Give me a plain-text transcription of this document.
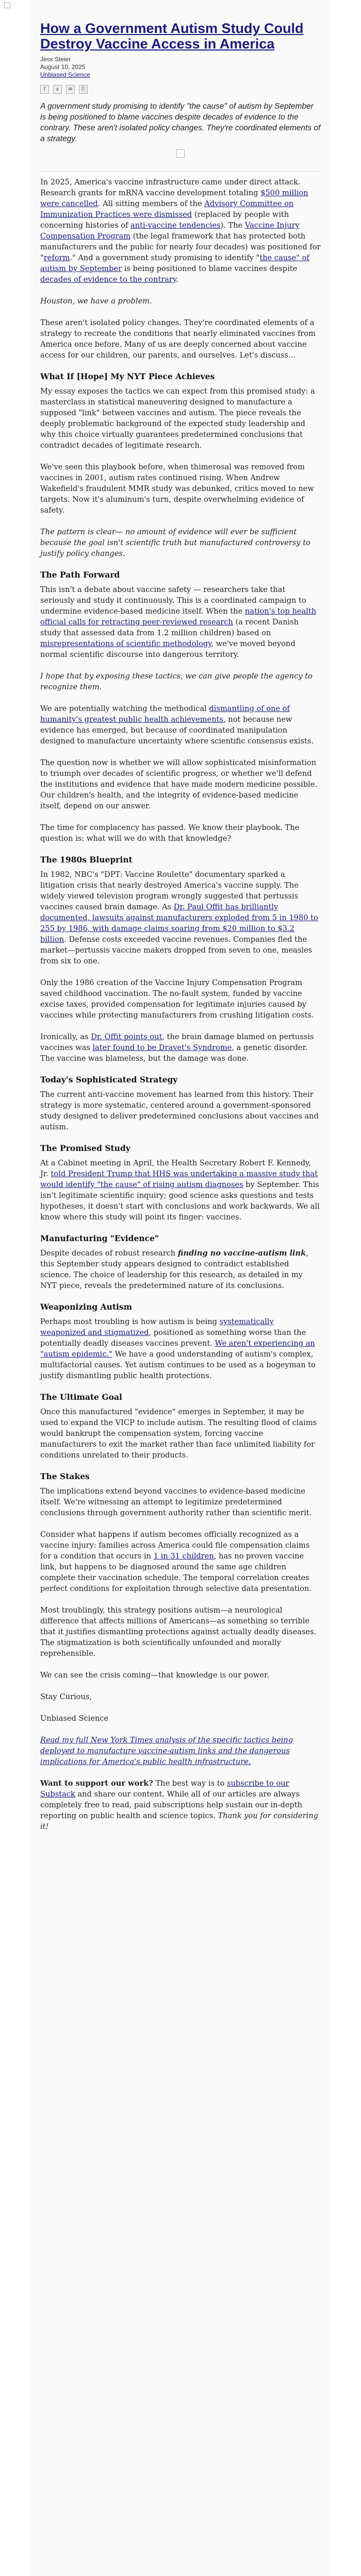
How a Government Autism Study Could Destroy Vaccine Access in America
Jess Steier
August 10, 2025
Unbiased Science
f	x	✉	⎘
A government study promising to identify "the cause" of autism by September is being positioned to blame vaccines despite decades of evidence to the contrary. These aren't isolated policy changes. They're coordinated elements of a strategy.

In 2025, America's vaccine infrastructure came under direct attack. Research grants for mRNA vaccine development totaling $500 million were cancelled. All sitting members of the Advisory Committee on Immunization Practices were dismissed (replaced by people with concerning histories of anti-vaccine tendencies). The Vaccine Injury Compensation Program (the legal framework that has protected both manufacturers and the public for nearly four decades) was positioned for "reform." And a government study promising to identify "the cause" of autism by September is being positioned to blame vaccines despite decades of evidence to the contrary.

Houston, we have a problem.

These aren't isolated policy changes. They're coordinated elements of a strategy to recreate the conditions that nearly eliminated vaccines from America once before. Many of us are deeply concerned about vaccine access for our children, our parents, and ourselves. Let's discuss...

What If [Hope] My NYT Piece Achieves

My essay exposes the tactics we can expect from this promised study: a masterclass in statistical maneuvering designed to manufacture a supposed "link" between vaccines and autism. The piece reveals the deeply problematic background of the expected study leadership and why this choice virtually guarantees predetermined conclusions that contradict decades of legitimate research.

We've seen this playbook before, when thimerosal was removed from vaccines in 2001, autism rates continued rising. When Andrew Wakefield's fraudulent MMR study was debunked, critics moved to new targets. Now it's aluminum's turn, despite overwhelming evidence of safety.

The pattern is clear— no amount of evidence will ever be sufficient because the goal isn't scientific truth but manufactured controversy to justify policy changes.

The Path Forward

This isn't a debate about vaccine safety — researchers take that seriously and study it continuously. This is a coordinated campaign to undermine evidence-based medicine itself. When the nation's top health official calls for retracting peer-reviewed research (a recent Danish study that assessed data from 1.2 million children) based on misrepresentations of scientific methodology, we've moved beyond normal scientific discourse into dangerous territory.

I hope that by exposing these tactics, we can give people the agency to recognize them.

We are potentially watching the methodical dismantling of one of humanity's greatest public health achievements, not because new evidence has emerged, but because of coordinated manipulation designed to manufacture uncertainty where scientific consensus exists.

The question now is whether we will allow sophisticated misinformation to triumph over decades of scientific progress, or whether we'll defend the institutions and evidence that have made modern medicine possible. Our children's health, and the integrity of evidence-based medicine itself, depend on our answer.

The time for complacency has passed. We know their playbook. The question is: what will we do with that knowledge?

The 1980s Blueprint

In 1982, NBC's "DPT: Vaccine Roulette" documentary sparked a litigation crisis that nearly destroyed America's vaccine supply. The widely viewed television program wrongly suggested that pertussis vaccines caused brain damage. As Dr. Paul Offit has brilliantly documented, lawsuits against manufacturers exploded from 5 in 1980 to 255 by 1986, with damage claims soaring from $20 million to $3.2 billion. Defense costs exceeded vaccine revenues. Companies fled the market—pertussis vaccine makers dropped from seven to one, measles from six to one.

Only the 1986 creation of the Vaccine Injury Compensation Program saved childhood vaccination. The no-fault system, funded by vaccine excise taxes, provided compensation for legitimate injuries caused by vaccines while protecting manufacturers from crushing litigation costs.

Ironically, as Dr. Offit points out, the brain damage blamed on pertussis vaccines was later found to be Dravet's Syndrome, a genetic disorder. The vaccine was blameless, but the damage was done.

Today's Sophisticated Strategy

The current anti-vaccine movement has learned from this history. Their strategy is more systematic, centered around a government-sponsored study designed to deliver predetermined conclusions about vaccines and autism.

The Promised Study

At a Cabinet meeting in April, the Health Secretary Robert F. Kennedy, Jr. told President Trump that HHS was undertaking a massive study that would identify "the cause" of rising autism diagnoses by September. This isn't legitimate scientific inquiry; good science asks questions and tests hypotheses, it doesn't start with conclusions and work backwards. We all know where this study will point its finger: vaccines.

Manufacturing "Evidence"

Despite decades of robust research finding no vaccine-autism link, this September study appears designed to contradict established science. The choice of leadership for this research, as detailed in my NYT piece, reveals the predetermined nature of its conclusions.

Weaponizing Autism

Perhaps most troubling is how autism is being systematically weaponized and stigmatized, positioned as something worse than the potentially deadly diseases vaccines prevent. We aren't experiencing an "autism epidemic." We have a good understanding of autism's complex, multifactorial causes. Yet autism continues to be used as a bogeyman to justify dismantling public health protections.

The Ultimate Goal

Once this manufactured "evidence" emerges in September, it may be used to expand the VICP to include autism. The resulting flood of claims would bankrupt the compensation system, forcing vaccine manufacturers to exit the market rather than face unlimited liability for conditions unrelated to their products.

The Stakes

The implications extend beyond vaccines to evidence-based medicine itself. We're witnessing an attempt to legitimize predetermined conclusions through government authority rather than scientific merit.

Consider what happens if autism becomes officially recognized as a vaccine injury: families across America could file compensation claims for a condition that occurs in 1 in 31 children, has no proven vaccine link, but happens to be diagnosed around the same age children complete their vaccination schedule. The temporal correlation creates perfect conditions for exploitation through selective data presentation.

Most troublingly, this strategy positions autism—a neurological difference that affects millions of Americans—as something so terrible that it justifies dismantling protections against actually deadly diseases. The stigmatization is both scientifically unfounded and morally reprehensible.

We can see the crisis coming—that knowledge is our power.

Stay Curious,

Unbiased Science

Read my full New York Times analysis of the specific tactics being deployed to manufacture vaccine-autism links and the dangerous implications for America's public health infrastructure.

Want to support our work? The best way is to subscribe to our Substack and share our content. While all of our articles are always completely free to read, paid subscriptions help sustain our in-depth reporting on public health and science topics. Thank you for considering it!
